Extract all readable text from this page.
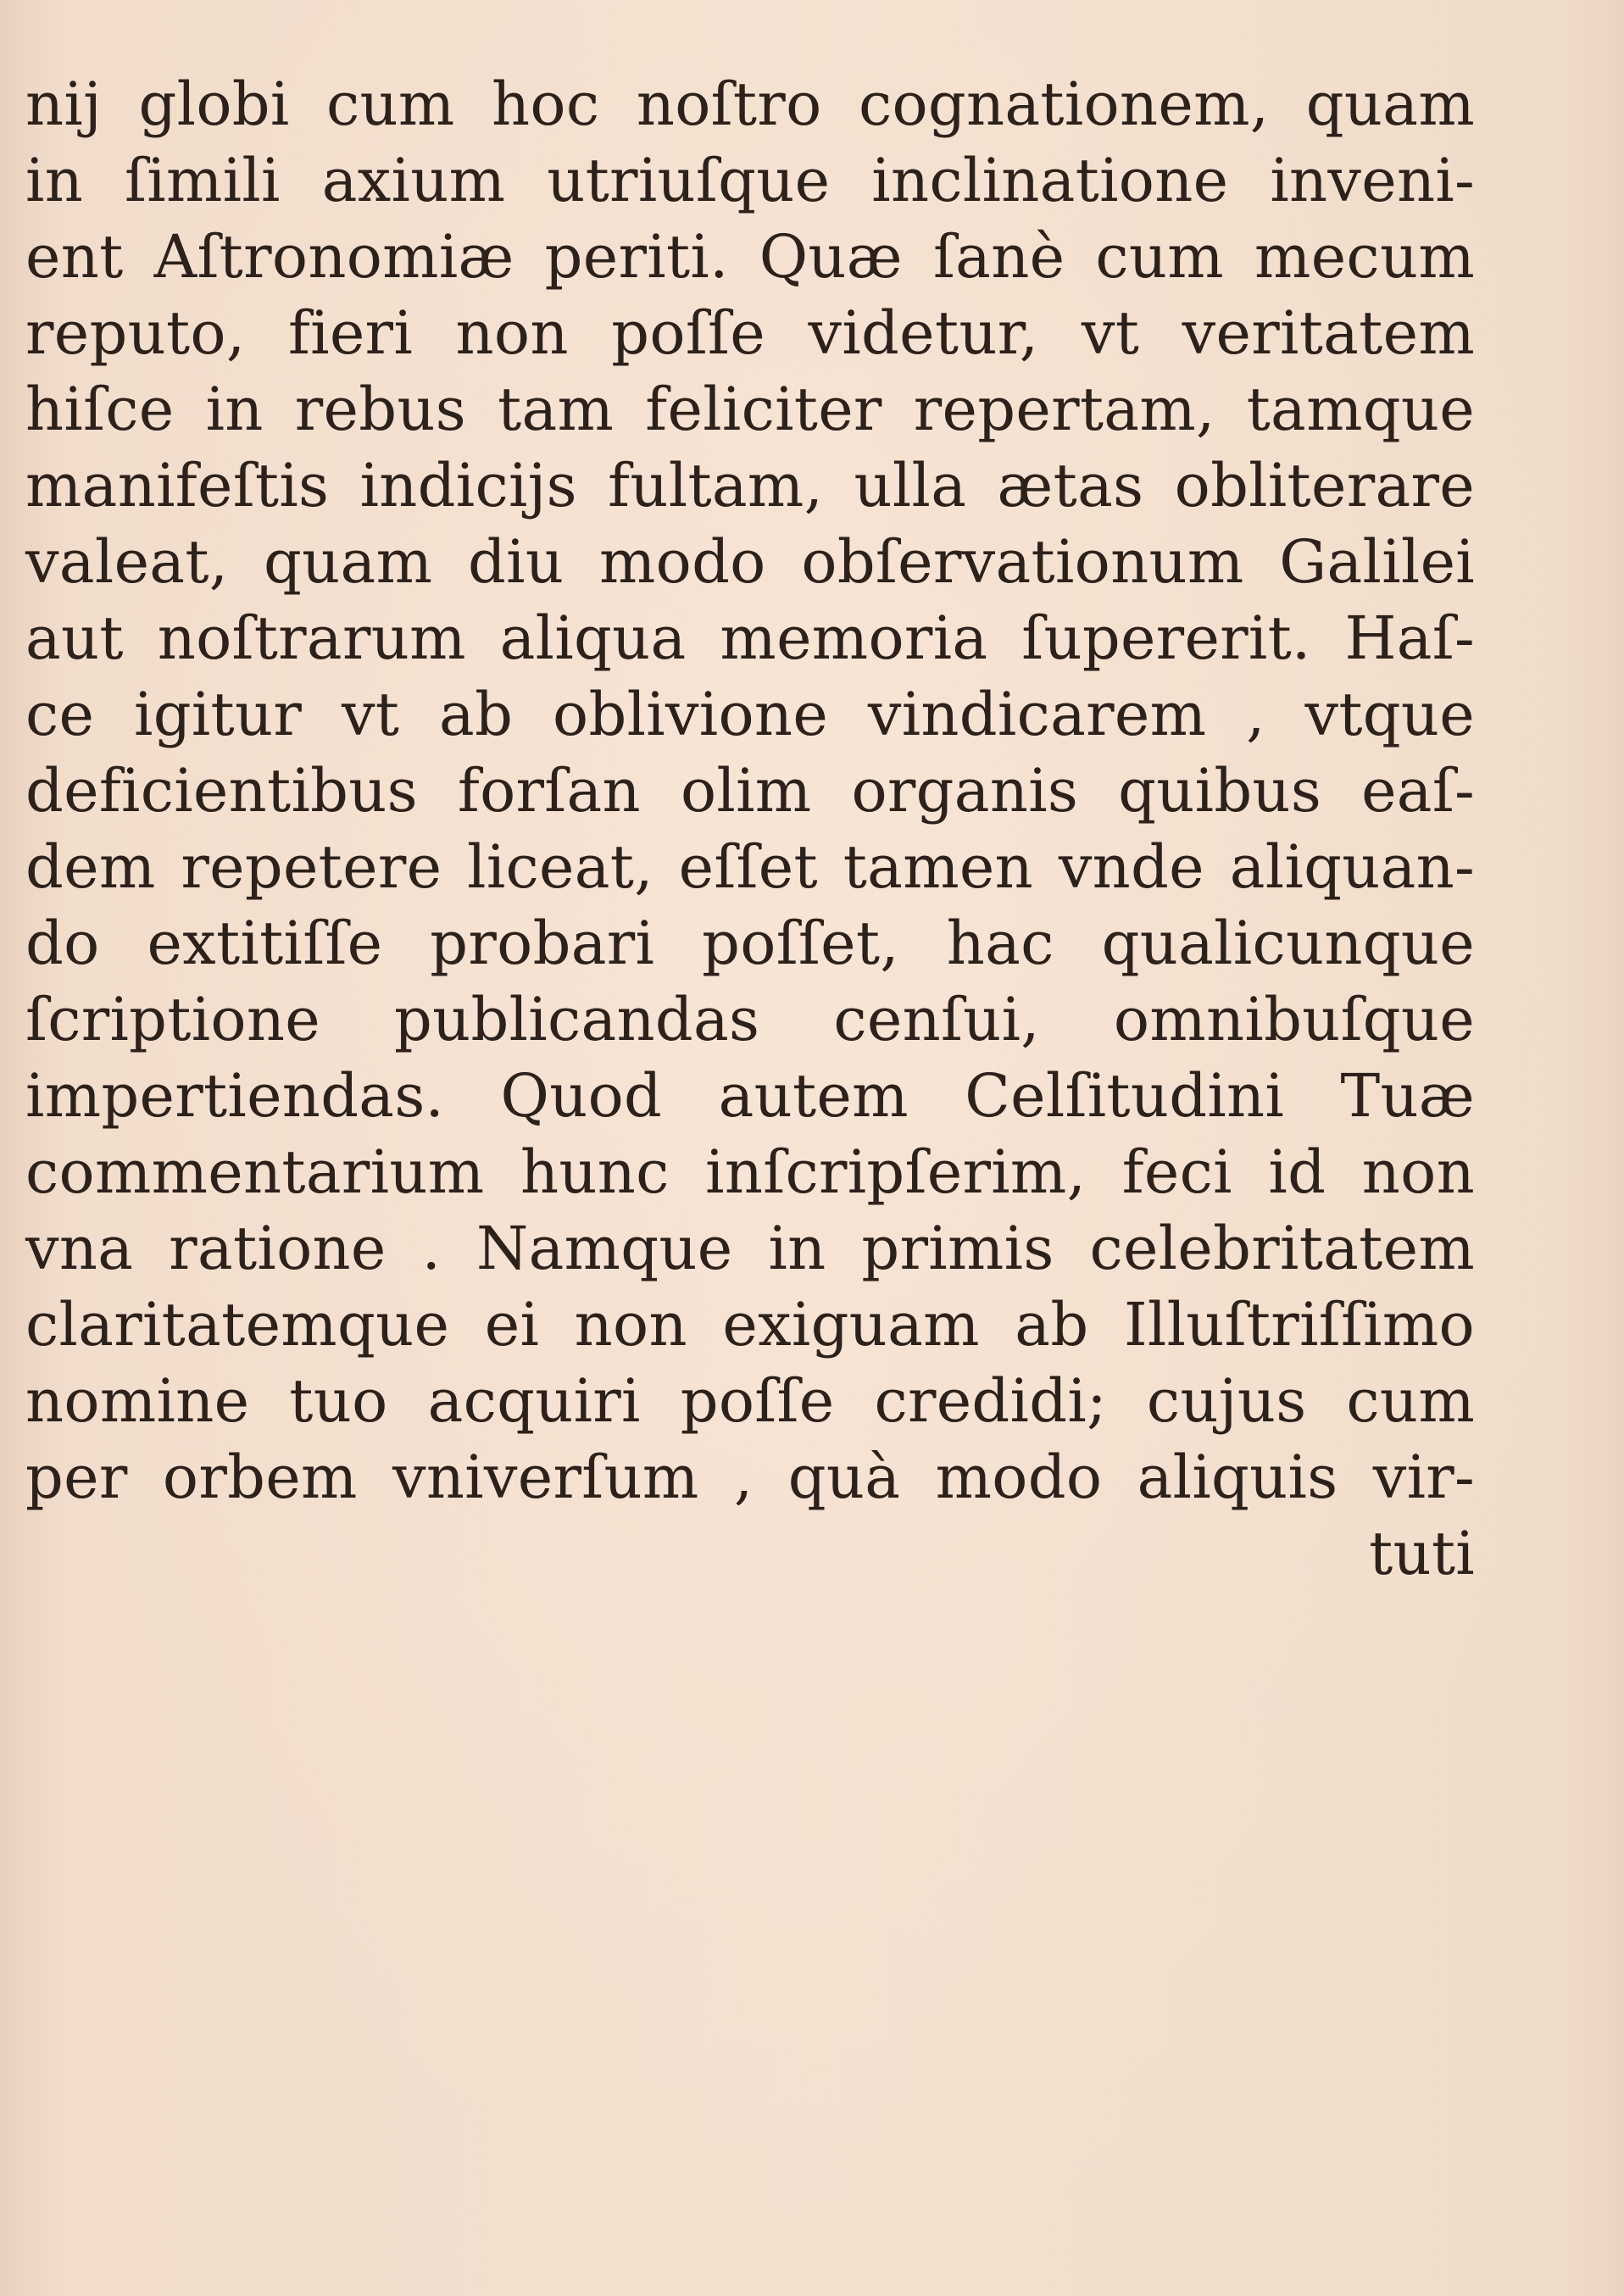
nij globi cum hoc noſtro cognationem, quam
in ſimili axium utriuſque inclinatione inveni-
ent Aſtronomiæ periti. Quæ ſanè cum mecum
reputo, fieri non poſſe videtur, vt veritatem
hiſce in rebus tam feliciter repertam, tamque
manifeſtis indicijs fultam, ulla ætas obliterare
valeat, quam diu modo obſervationum Galilei
aut noſtrarum aliqua memoria ſupererit. Haſ-
ce igitur vt ab oblivione vindicarem , vtque
deficientibus forſan olim organis quibus eaſ-
dem repetere liceat, eſſet tamen vnde aliquan-
do extitiſſe probari poſſet, hac qualicunque
ſcriptione publicandas cenſui, omnibuſque
impertiendas. Quod autem Celſitudini Tuæ
commentarium hunc inſcripſerim, feci id non
vna ratione . Namque in primis celebritatem
claritatemque ei non exiguam ab Illuſtriſſimo
nomine tuo acquiri poſſe credidi; cujus cum
per orbem vniverſum , quà modo aliquis vir-
tuti
